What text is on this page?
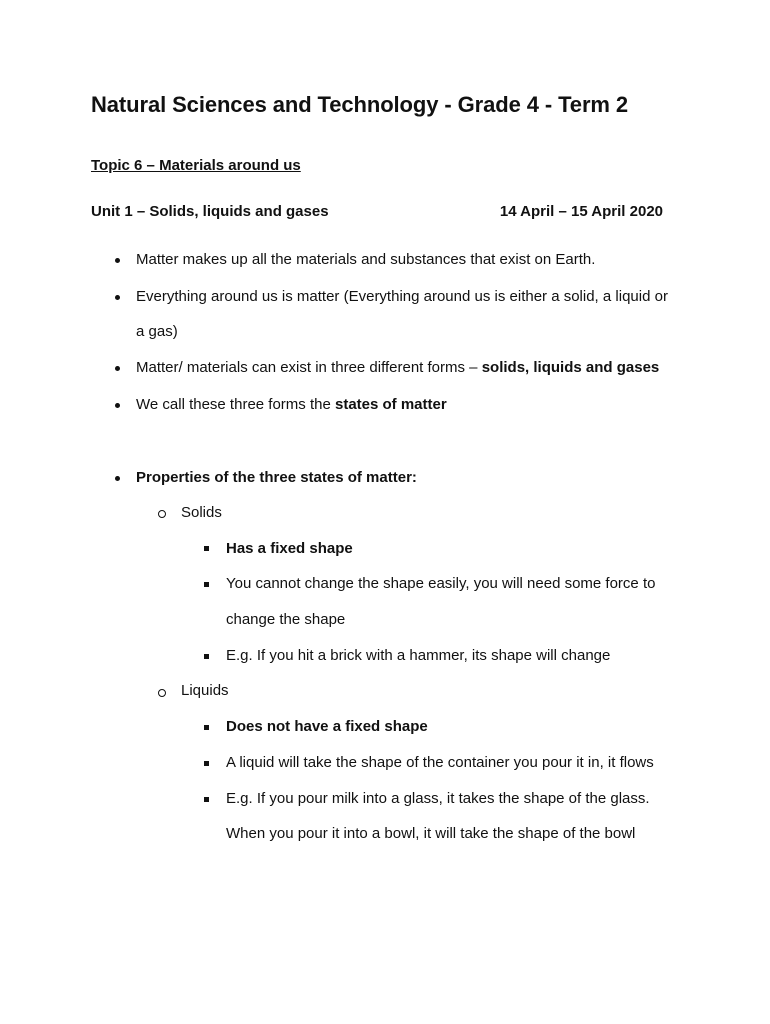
Natural Sciences and Technology - Grade 4 - Term 2
Topic 6 – Materials around us
Unit 1 – Solids, liquids and gases	14 April – 15 April 2020
Matter makes up all the materials and substances that exist on Earth.
Everything around us is matter (Everything around us is either a solid, a liquid or
a gas)
Matter/ materials can exist in three different forms – solids, liquids and gases
We call these three forms the states of matter
Properties of the three states of matter:
Solids
Has a fixed shape
You cannot change the shape easily, you will need some force to
change the shape
E.g. If you hit a brick with a hammer, its shape will change
Liquids
Does not have a fixed shape
A liquid will take the shape of the container you pour it in, it flows
E.g. If you pour milk into a glass, it takes the shape of the glass.
When you pour it into a bowl, it will take the shape of the bowl
